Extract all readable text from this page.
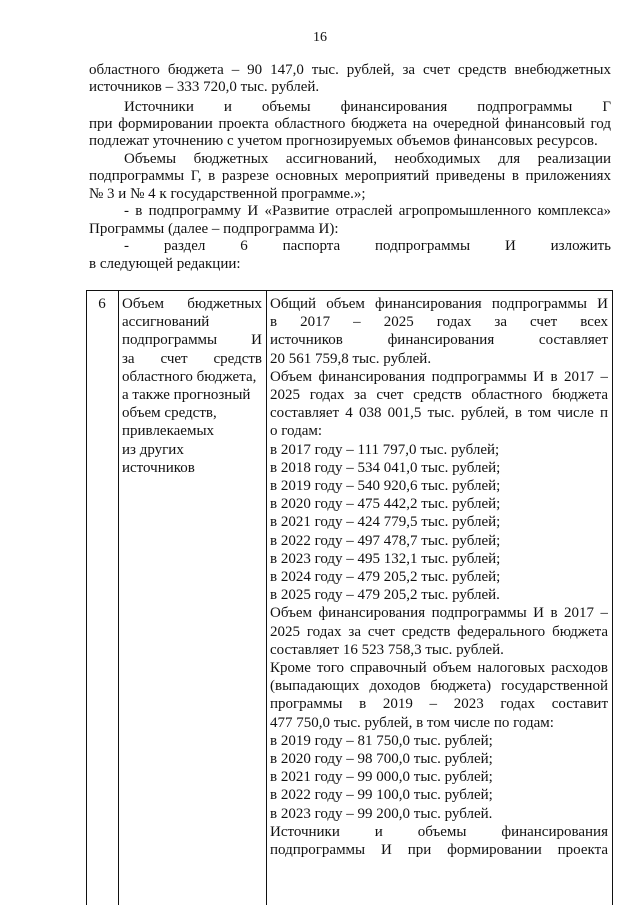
16
областного бюджета – 90 147,0 тыс. рублей, за счет средств внебюджетных
источников – 333 720,0 тыс. рублей.
Источники и объемы финансирования подпрограммы Г
при формировании проекта областного бюджета на очередной финансовый год
подлежат уточнению с учетом прогнозируемых объемов финансовых ресурсов.
Объемы бюджетных ассигнований, необходимых для реализации
подпрограммы Г, в разрезе основных мероприятий приведены в приложениях
№ 3 и № 4 к государственной программе.»;
- в подпрограмму И «Развитие отраслей агропромышленного комплекса»
Программы (далее – подпрограмма И):
- раздел 6 паспорта подпрограммы И изложить
в следующей редакции:
6	Объем бюджетных
ассигнований
подпрограммы И
за счет средств
областного бюджета,
а также прогнозный
объем средств,
привлекаемых
из других
источников
Общий объем финансирования подпрограммы И
в 2017 – 2025 годах за счет всех
источников финансирования составляет
20 561 759,8 тыс. рублей.
Объем финансирования подпрограммы И в 2017 –
2025 годах за счет средств областного бюджета
составляет 4 038 001,5 тыс. рублей, в том числе п
о годам:
в 2017 году – 111 797,0 тыс. рублей;
в 2018 году – 534 041,0 тыс. рублей;
в 2019 году – 540 920,6 тыс. рублей;
в 2020 году – 475 442,2 тыс. рублей;
в 2021 году – 424 779,5 тыс. рублей;
в 2022 году – 497 478,7 тыс. рублей;
в 2023 году – 495 132,1 тыс. рублей;
в 2024 году – 479 205,2 тыс. рублей;
в 2025 году – 479 205,2 тыс. рублей.
Объем финансирования подпрограммы И в 2017 –
2025 годах за счет средств федерального бюджета
составляет 16 523 758,3 тыс. рублей.
Кроме того справочный объем налоговых расходов
(выпадающих доходов бюджета) государственной
программы в 2019 – 2023 годах составит
477 750,0 тыс. рублей, в том числе по годам:
в 2019 году – 81 750,0 тыс. рублей;
в 2020 году – 98 700,0 тыс. рублей;
в 2021 году – 99 000,0 тыс. рублей;
в 2022 году – 99 100,0 тыс. рублей;
в 2023 году – 99 200,0 тыс. рублей.
Источники и объемы финансирования
подпрограммы И при формировании проекта
